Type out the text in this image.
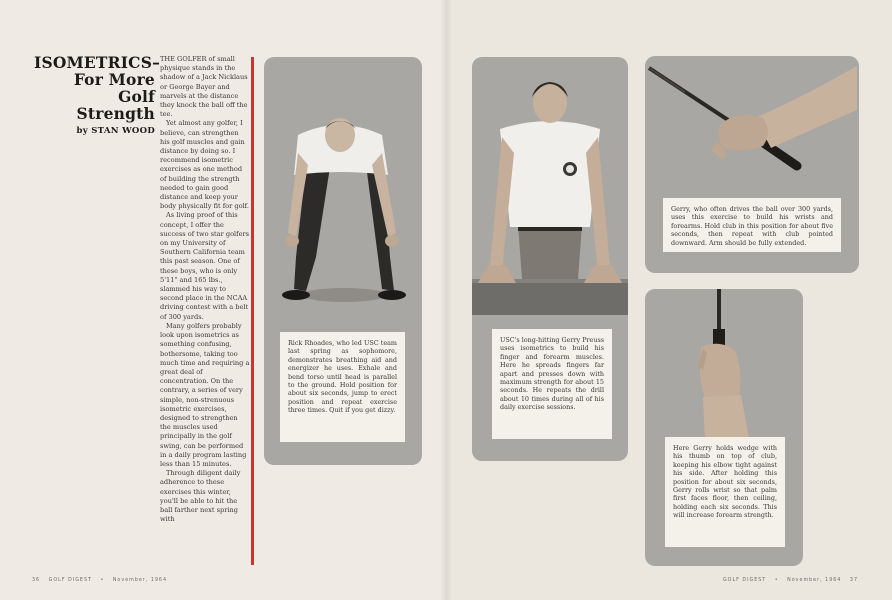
ISOMETRICS–
For More Golf
Strength
by STAN WOOD

THE GOLFER of small physique stands in the shadow of a Jack Nicklaus or George Bayer and marvels at the distance they knock the ball off the tee.

Yet almost any golfer, I believe, can strengthen his golf muscles and gain distance by doing so. I recommend isometric exercises as one method of building the strength needed to gain good distance and keep your body physically fit for golf.

As living proof of this concept, I offer the success of two star golfers on my University of Southern California team this past season. One of these boys, who is only 5'11" and 165 lbs., slammed his way to second place in the NCAA driving contest with a belt of 300 yards.

Many golfers probably look upon isometrics as something confusing, bothersome, taking too much time and requiring a great deal of concentration. On the contrary, a series of very simple, non-strenuous isometric exercises, designed to strengthen the muscles used principally in the golf swing, can be performed in a daily program lasting less than 15 minutes.

Through diligent daily adherence to these exercises this winter, you'll be able to hit the ball farther next spring with

Rick Rhoades, who led USC team last spring as sophomore, demonstrates breathing aid and energizer he uses. Exhale and bend torso until head is parallel to the ground. Hold position for about six seconds, jump to erect position and repeat exercise three times. Quit if you get dizzy.
USC's long-hitting Gerry Preuss uses isometrics to build his finger and forearm muscles. Here he spreads fingers far apart and presses down with maximum strength for about 15 seconds. He repeats the drill about 10 times during all of his daily exercise sessions.
Gerry, who often drives the ball over 300 yards, uses this exercise to build his wrists and forearms. Hold club in this position for about five seconds, then repeat with club pointed downward. Arm should be fully extended.
Here Gerry holds wedge with his thumb on top of club, keeping his elbow tight against his side. After holding this position for about six seconds, Gerry rolls wrist so that palm first faces floor, then ceiling, holding each six seconds. This will increase forearm strength.
36 GOLF DIGEST • November, 1964	GOLF DIGEST • November, 1964 37
